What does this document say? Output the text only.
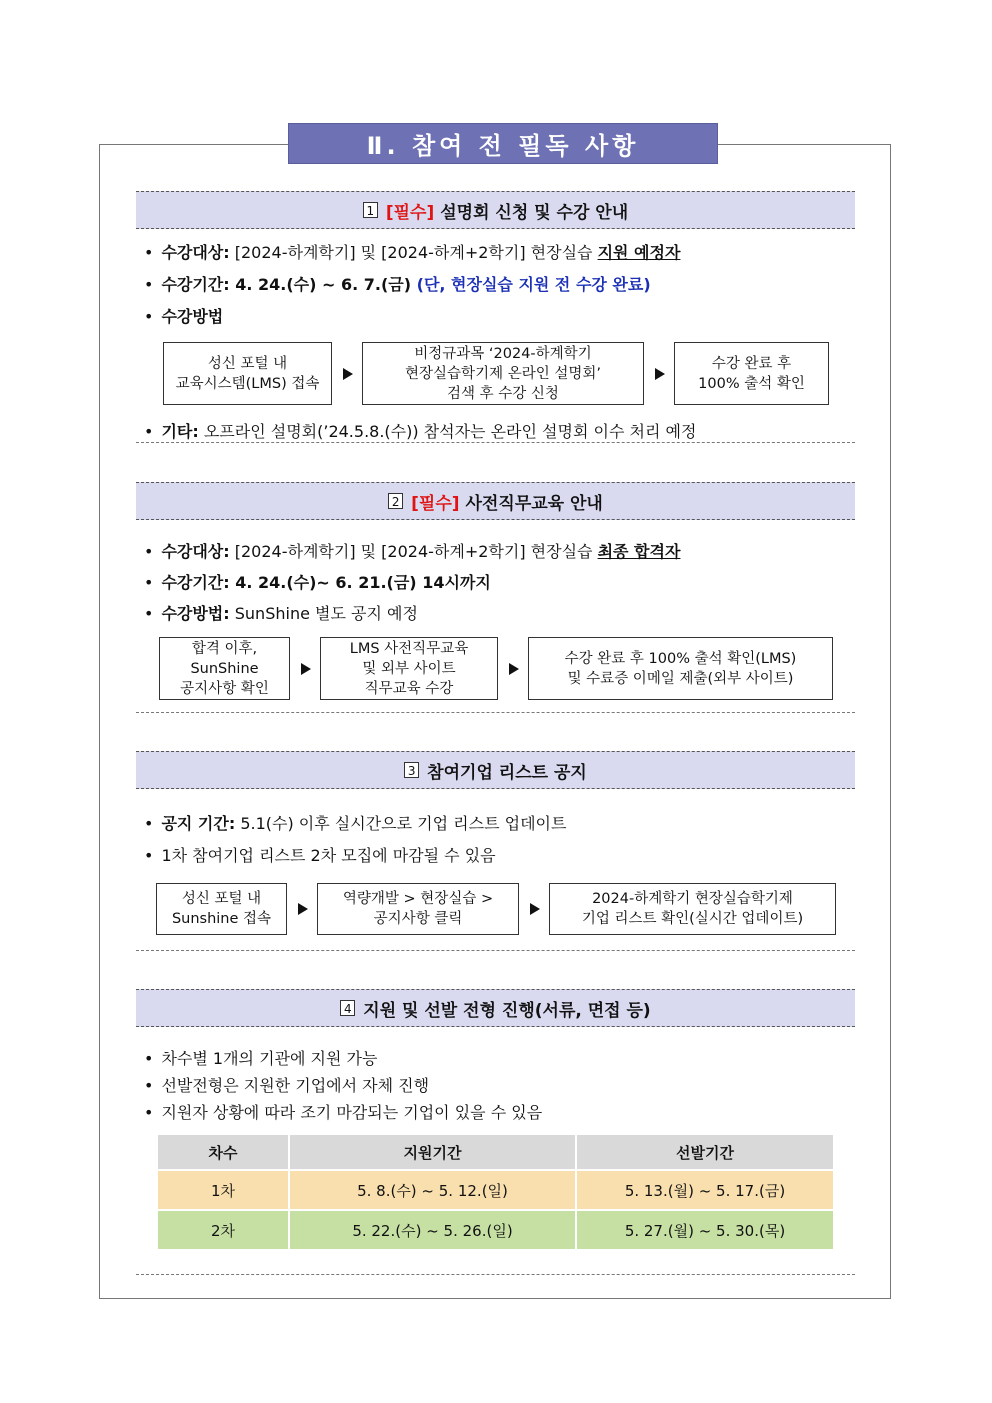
Ⅱ. 참여 전 필독 사항
1 [필수] 설명회 신청 및 수강 안내
• 수강대상: [2024-하계학기] 및 [2024-하계+2학기] 현장실습 지원 예정자
• 수강기간: 4. 24.(수) ~ 6. 7.(금) (단, 현장실습 지원 전 수강 완료)
• 수강방법
성신 포털 내
교육시스템(LMS) 접속
비정규과목 ‘2024-하계학기
현장실습학기제 온라인 설명회’
검색 후 수강 신청
수강 완료 후
100% 출석 확인
• 기타: 오프라인 설명회(’24.5.8.(수)) 참석자는 온라인 설명회 이수 처리 예정
2 [필수] 사전직무교육 안내
• 수강대상: [2024-하계학기] 및 [2024-하계+2학기] 현장실습 최종 합격자
• 수강기간: 4. 24.(수)~ 6. 21.(금) 14시까지
• 수강방법: SunShine 별도 공지 예정
합격 이후,
SunShine
공지사항 확인
LMS 사전직무교육
및 외부 사이트
직무교육 수강
수강 완료 후 100% 출석 확인(LMS)
및 수료증 이메일 제출(외부 사이트)
3 참여기업 리스트 공지
• 공지 기간: 5.1(수) 이후 실시간으로 기업 리스트 업데이트
• 1차 참여기업 리스트 2차 모집에 마감될 수 있음
성신 포털 내
Sunshine 접속
역량개발 > 현장실습 >
공지사항 클릭
2024-하계학기 현장실습학기제
기업 리스트 확인(실시간 업데이트)
4 지원 및 선발 전형 진행(서류, 면접 등)
• 차수별 1개의 기관에 지원 가능
• 선발전형은 지원한 기업에서 자체 진행
• 지원자 상황에 따라 조기 마감되는 기업이 있을 수 있음
차수	지원기간	선발기간
1차	5. 8.(수) ~ 5. 12.(일)	5. 13.(월) ~ 5. 17.(금)
2차	5. 22.(수) ~ 5. 26.(일)	5. 27.(월) ~ 5. 30.(목)
